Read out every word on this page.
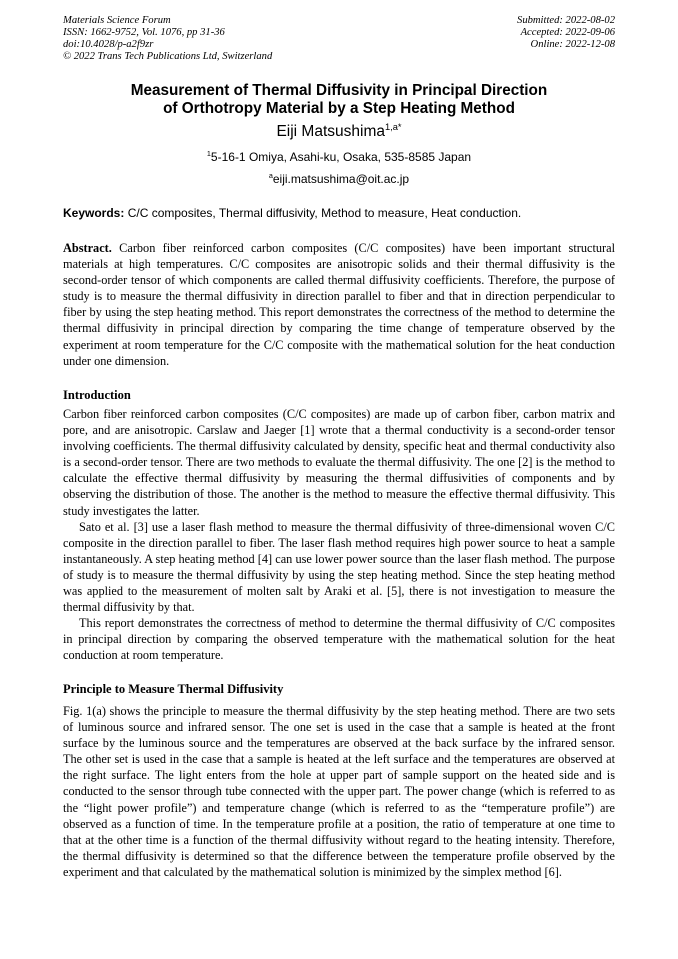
Materials Science Forum
ISSN: 1662-9752, Vol. 1076, pp 31-36
doi:10.4028/p-a2f9zr
© 2022 Trans Tech Publications Ltd, Switzerland
Submitted: 2022-08-02
Accepted: 2022-09-06
Online: 2022-12-08
Measurement of Thermal Diffusivity in Principal Direction
of Orthotropy Material by a Step Heating Method
Eiji Matsushima$^{1,a*}$
$^1$5-16-1 Omiya, Asahi-ku, Osaka, 535-8585 Japan
$^a$eiji.matsushima@oit.ac.jp
Keywords: C/C composites, Thermal diffusivity, Method to measure, Heat conduction.

Abstract. Carbon fiber reinforced carbon composites (C/C composites) have been important structural materials at high temperatures. C/C composites are anisotropic solids and their thermal diffusivity is the second-order tensor of which components are called thermal diffusivity coefficients. Therefore, the purpose of study is to measure the thermal diffusivity in direction parallel to fiber and that in direction perpendicular to fiber by using the step heating method. This report demonstrates the correctness of the method to determine the thermal diffusivity in principal direction by comparing the time change of temperature observed by the experiment at room temperature for the C/C composite with the mathematical solution for the heat conduction under one dimension.

Introduction

Carbon fiber reinforced carbon composites (C/C composites) are made up of carbon fiber, carbon matrix and pore, and are anisotropic. Carslaw and Jaeger [1] wrote that a thermal conductivity is a second-order tensor involving coefficients. The thermal diffusivity calculated by density, specific heat and thermal conductivity also is a second-order tensor. There are two methods to evaluate the thermal diffusivity. The one [2] is the method to calculate the effective thermal diffusivity by measuring the thermal diffusivities of components and by observing the distribution of those. The another is the method to measure the effective thermal diffusivity. This study investigates the latter.

Sato et al. [3] use a laser flash method to measure the thermal diffusivity of three-dimensional woven C/C composite in the direction parallel to fiber. The laser flash method requires high power source to heat a sample instantaneously. A step heating method [4] can use lower power source than the laser flash method. The purpose of study is to measure the thermal diffusivity by using the step heating method. Since the step heating method was applied to the measurement of molten salt by Araki et al. [5], there is not investigation to measure the thermal diffusivity by that.

This report demonstrates the correctness of method to determine the thermal diffusivity of C/C composites in principal direction by comparing the observed temperature with the mathematical solution for the heat conduction at room temperature.

Principle to Measure Thermal Diffusivity

Fig. 1(a) shows the principle to measure the thermal diffusivity by the step heating method. There are two sets of luminous source and infrared sensor. The one set is used in the case that a sample is heated at the front surface by the luminous source and the temperatures are observed at the back surface by the infrared sensor. The other set is used in the case that a sample is heated at the left surface and the temperatures are observed at the right surface. The light enters from the hole at upper part of sample support on the heated side and is conducted to the sensor through tube connected with the upper part. The power change (which is referred to as the “light power profile”) and temperature change (which is referred to as the “temperature profile”) are observed as a function of time. In the temperature profile at a position, the ratio of temperature at one time to that at the other time is a function of the thermal diffusivity without regard to the heating intensity. Therefore, the thermal diffusivity is determined so that the difference between the temperature profile observed by the experiment and that calculated by the mathematical solution is minimized by the simplex method [6].
